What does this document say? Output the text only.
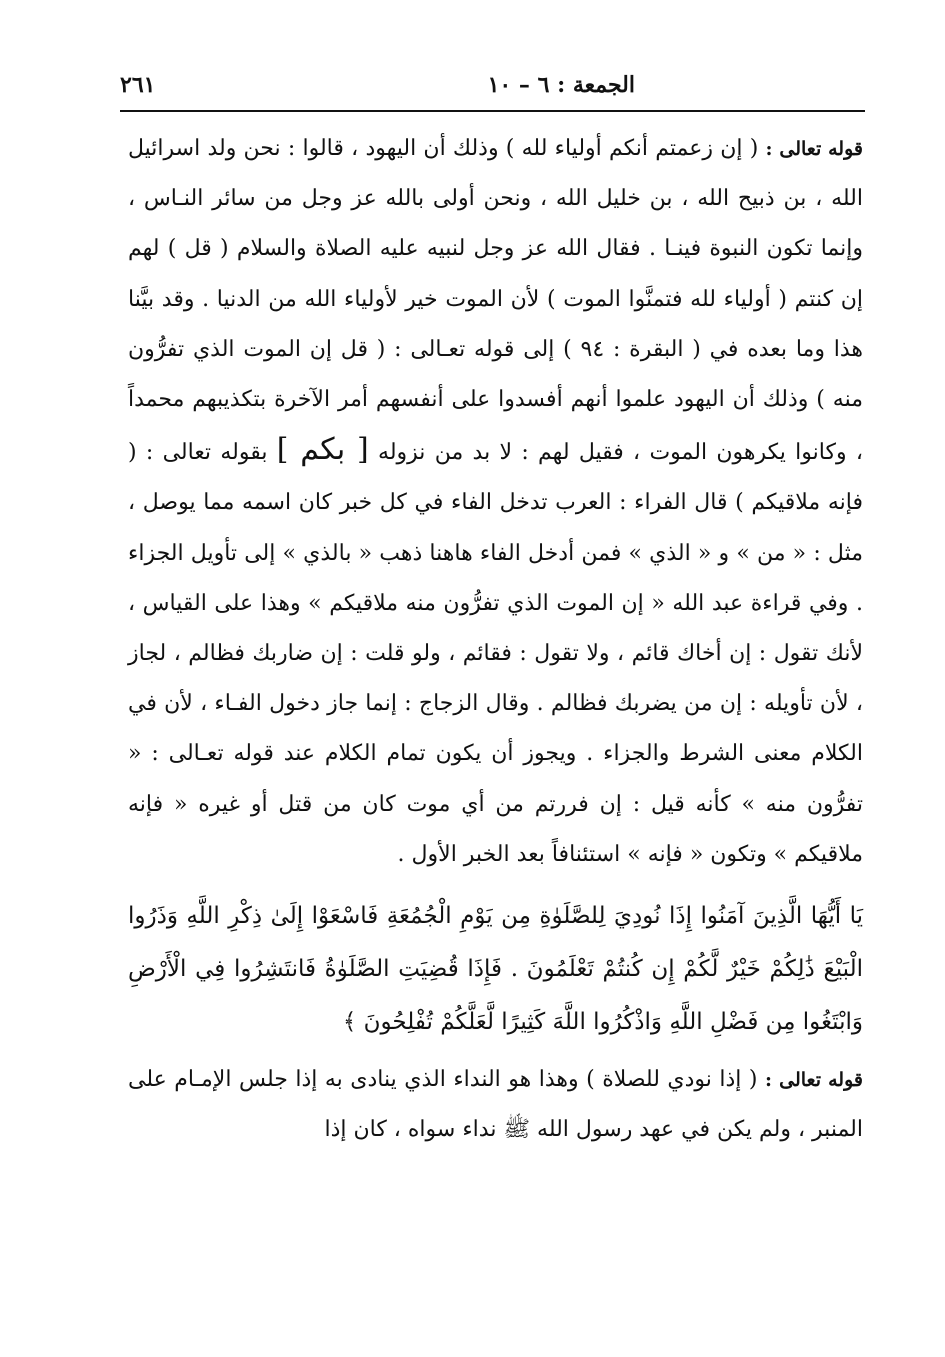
الجمعة : ٦ – ١٠
٢٦١

قوله تعالى : ( إن زعمتم أنكم أولياء لله ) وذلك أن اليهود ، قالوا : نحن ولد اسرائيل الله ، بن ذبيح الله ، بن خليل الله ، ونحن أولى بالله عز وجل من سائر النـاس ، وإنما تكون النبوة فينـا . فقال الله عز وجل لنبيه عليه الصلاة والسلام ( قل ) لهم إن كنتم ( أولياء لله فتمنَّوا الموت ) لأن الموت خير لأولياء الله من الدنيا . وقد بيَّنا هذا وما بعده في ( البقرة : ٩٤ ) إلى قوله تعـالى : ( قل إن الموت الذي تفرُّون منه ) وذلك أن اليهود علموا أنهم أفسدوا على أنفسهم أمر الآخرة بتكذيبهم محمداً ، وكانوا يكرهون الموت ، فقيل لهم : لا بد من نزوله [ بكم ] بقوله تعالى : ( فإنه ملاقيكم ) قال الفراء : العرب تدخل الفاء في كل خبر كان اسمه مما يوصل ، مثل : « من » و « الذي » فمن أدخل الفاء هاهنا ذهب « بالذي » إلى تأويل الجزاء . وفي قراءة عبد الله « إن الموت الذي تفرُّون منه ملاقيكم » وهذا على القياس ، لأنك تقول : إن أخاك قائم ، ولا تقول : فقائم ، ولو قلت : إن ضاربك فظالم ، لجاز ، لأن تأويله : إن من يضربك فظالم . وقال الزجاج : إنما جاز دخول الفـاء ، لأن في الكلام معنى الشرط والجزاء . ويجوز أن يكون تمام الكلام عند قوله تعـالى : « تفرُّون منه » كأنه قيل : إن فررتم من أي موت كان من قتل أو غيره « فإنه ملاقيكم » وتكون « فإنه » استئنافاً بعد الخبر الأول .

يَا أَيُّهَا الَّذِينَ آمَنُوا إِذَا نُودِيَ لِلصَّلَوٰةِ مِن يَوْمِ الْجُمُعَةِ فَاسْعَوْا إِلَىٰ ذِكْرِ اللَّهِ وَذَرُوا الْبَيْعَ ذَٰلِكُمْ خَيْرٌ لَّكُمْ إِن كُنتُمْ تَعْلَمُونَ . فَإِذَا قُضِيَتِ الصَّلَوٰةُ فَانتَشِرُوا فِي الْأَرْضِ وَابْتَغُوا مِن فَضْلِ اللَّهِ وَاذْكُرُوا اللَّهَ كَثِيرًا لَّعَلَّكُمْ تُفْلِحُونَ ﴾

قوله تعالى : ( إذا نودي للصلاة ) وهذا هو النداء الذي ينادى به إذا جلس الإمـام على المنبر ، ولم يكن في عهد رسول الله ﷺ نداء سواه ، كان إذا
